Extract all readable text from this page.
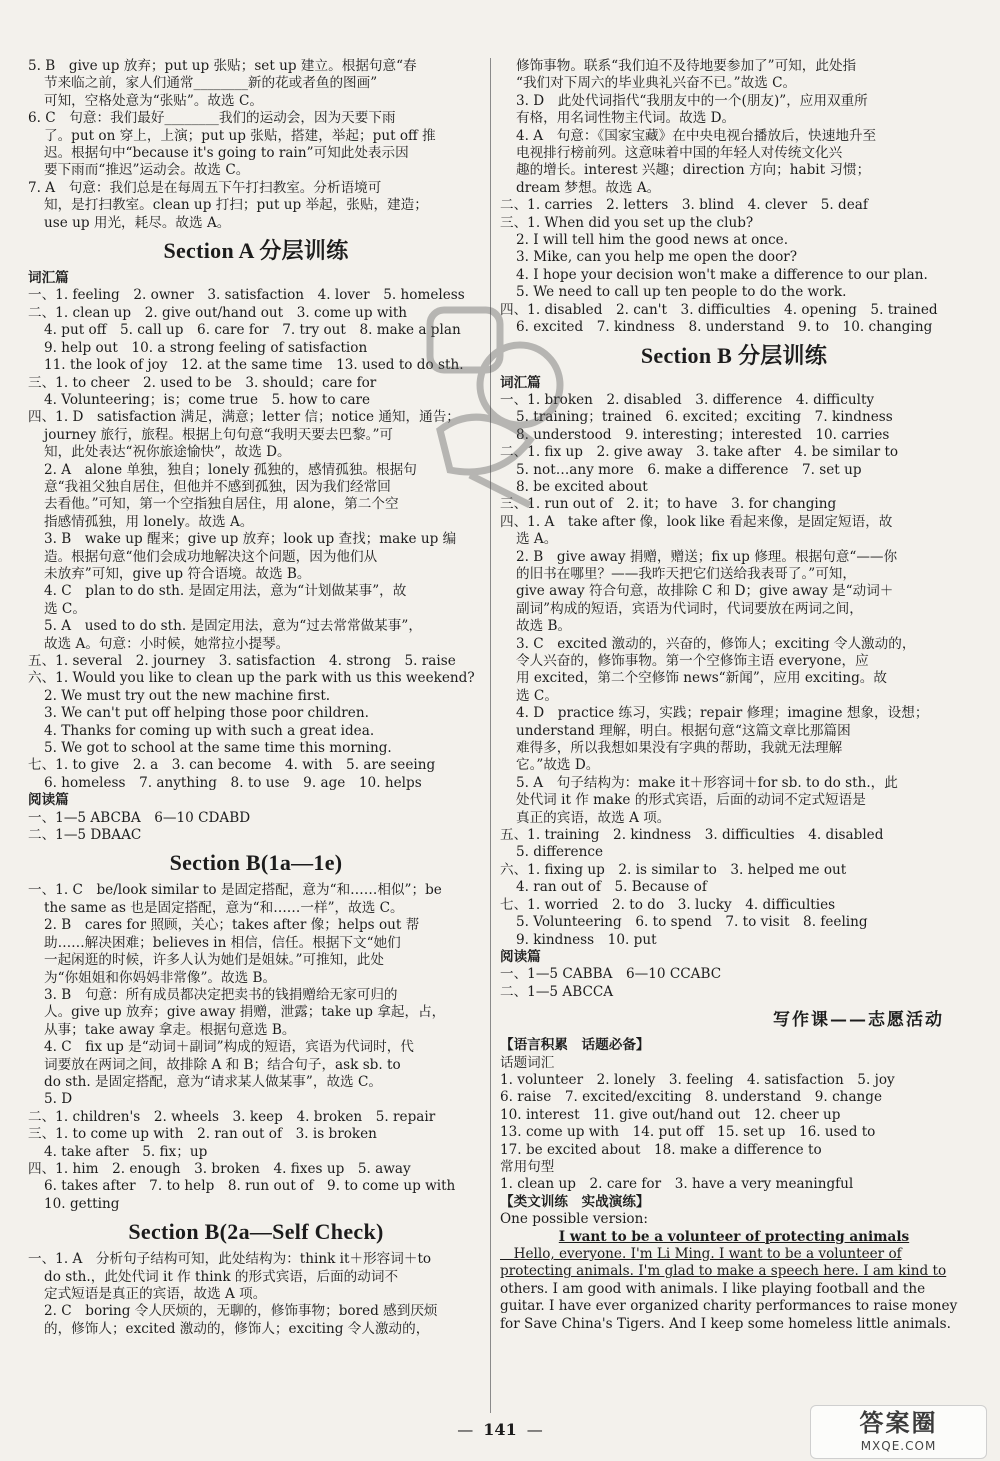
5. B　give up 放弃；put up 张贴；set up 建立。根据句意“春

节来临之前，家人们通常________新的花或者鱼的图画”

可知，空格处意为“张贴”。故选 C。

6. C　句意：我们最好________我们的运动会，因为天要下雨

了。put on 穿上，上演；put up 张贴，搭建，举起；put off 推

迟。根据句中“because it's going to rain”可知此处表示因

要下雨而“推迟”运动会。故选 C。

7. A　句意：我们总是在每周五下午打扫教室。分析语境可

知，是打扫教室。clean up 打扫；put up 举起，张贴，建造；

use up 用光，耗尽。故选 A。

Section A 分层训练

词汇篇

一、1. feeling　2. owner　3. satisfaction　4. lover　5. homeless

二、1. clean up　2. give out/hand out　3. come up with

4. put off　5. call up　6. care for　7. try out　8. make a plan

9. help out　10. a strong feeling of satisfaction

11. the look of joy　12. at the same time　13. used to do sth.

三、1. to cheer　2. used to be　3. should；care for

4. Volunteering；is；come true　5. how to care

四、1. D　satisfaction 满足，满意；letter 信；notice 通知，通告；

journey 旅行，旅程。根据上句句意“我明天要去巴黎。”可

知，此处表达“祝你旅途愉快”，故选 D。

2. A　alone 单独，独自；lonely 孤独的，感情孤独。根据句

意“我祖父独自居住，但他并不感到孤独，因为我们经常回

去看他。”可知，第一个空指独自居住，用 alone，第二个空

指感情孤独，用 lonely。故选 A。

3. B　wake up 醒来；give up 放弃；look up 查找；make up 编

造。根据句意“他们会成功地解决这个问题，因为他们从

未放弃”可知，give up 符合语境。故选 B。

4. C　plan to do sth. 是固定用法，意为“计划做某事”，故

选 C。

5. A　used to do sth. 是固定用法，意为“过去常常做某事”，

故选 A。句意：小时候，她常拉小提琴。

五、1. several　2. journey　3. satisfaction　4. strong　5. raise

六、1. Would you like to clean up the park with us this weekend?

2. We must try out the new machine first.

3. We can't put off helping those poor children.

4. Thanks for coming up with such a great idea.

5. We got to school at the same time this morning.

七、1. to give　2. a　3. can become　4. with　5. are seeing

6. homeless　7. anything　8. to use　9. age　10. helps

阅读篇

一、1—5 ABCBA　6—10 CDABD

二、1—5 DBAAC

Section B(1a—1e)

一、1. C　be/look similar to 是固定搭配，意为“和……相似”；be

the same as 也是固定搭配，意为“和……一样”，故选 C。

2. B　cares for 照顾，关心；takes after 像；helps out 帮

助……解决困难；believes in 相信，信任。根据下文“她们

一起闲逛的时候，许多人认为她们是姐妹。”可推知，此处

为“你姐姐和你妈妈非常像”。故选 B。

3. B　句意：所有成员都决定把卖书的钱捐赠给无家可归的

人。give up 放弃；give away 捐赠，泄露；take up 拿起，占，

从事；take away 拿走。根据句意选 B。

4. C　fix up 是“动词＋副词”构成的短语，宾语为代词时，代

词要放在两词之间，故排除 A 和 B；结合句子，ask sb. to

do sth. 是固定搭配，意为“请求某人做某事”，故选 C。

5. D

二、1. children's　2. wheels　3. keep　4. broken　5. repair

三、1. to come up with　2. ran out of　3. is broken

4. take after　5. fix；up

四、1. him　2. enough　3. broken　4. fixes up　5. away

6. takes after　7. to help　8. run out of　9. to come up with

10. getting

Section B(2a—Self Check)

一、1. A　分析句子结构可知，此处结构为：think it＋形容词＋to

do sth.，此处代词 it 作 think 的形式宾语，后面的动词不

定式短语是真正的宾语，故选 A 项。

2. C　boring 令人厌烦的，无聊的，修饰事物；bored 感到厌烦

的，修饰人；excited 激动的，修饰人；exciting 令人激动的，

修饰事物。联系“我们迫不及待地要参加了”可知，此处指

“我们对下周六的毕业典礼兴奋不已。”故选 C。

3. D　此处代词指代“我朋友中的一个(朋友)”，应用双重所

有格，用名词性物主代词。故选 D。

4. A　句意：《国家宝藏》在中央电视台播放后，快速地升至

电视排行榜前列。这意味着中国的年轻人对传统文化兴

趣的增长。interest 兴趣；direction 方向；habit 习惯；

dream 梦想。故选 A。

二、1. carries　2. letters　3. blind　4. clever　5. deaf

三、1. When did you set up the club?

2. I will tell him the good news at once.

3. Mike, can you help me open the door?

4. I hope your decision won't make a difference to our plan.

5. We need to call up ten people to do the work.

四、1. disabled　2. can't　3. difficulties　4. opening　5. trained

6. excited　7. kindness　8. understand　9. to　10. changing

Section B 分层训练

词汇篇

一、1. broken　2. disabled　3. difference　4. difficulty

5. training；trained　6. excited；exciting　7. kindness

8. understood　9. interesting；interested　10. carries

二、1. fix up　2. give away　3. take after　4. be similar to

5. not…any more　6. make a difference　7. set up

8. be excited about

三、1. run out of　2. it；to have　3. for changing

四、1. A　take after 像，look like 看起来像，是固定短语，故

选 A。

2. B　give away 捐赠，赠送；fix up 修理。根据句意“——你

的旧书在哪里？——我昨天把它们送给我表哥了。”可知，

give away 符合句意，故排除 C 和 D；give away 是“动词＋

副词”构成的短语，宾语为代词时，代词要放在两词之间，

故选 B。

3. C　excited 激动的，兴奋的，修饰人；exciting 令人激动的，

令人兴奋的，修饰事物。第一个空修饰主语 everyone，应

用 excited，第二个空修饰 news“新闻”，应用 exciting。故

选 C。

4. D　practice 练习，实践；repair 修理；imagine 想象，设想；

understand 理解，明白。根据句意“这篇文章比那篇困

难得多，所以我想如果没有字典的帮助，我就无法理解

它。”故选 D。

5. A　句子结构为：make it＋形容词＋for sb. to do sth.，此

处代词 it 作 make 的形式宾语，后面的动词不定式短语是

真正的宾语，故选 A 项。

五、1. training　2. kindness　3. difficulties　4. disabled

5. difference

六、1. fixing up　2. is similar to　3. helped me out

4. ran out of　5. Because of

七、1. worried　2. to do　3. lucky　4. difficulties

5. Volunteering　6. to spend　7. to visit　8. feeling

9. kindness　10. put

阅读篇

一、1—5 CABBA　6—10 CCABC

二、1—5 ABCCA

写作课——志愿活动

【语言积累　话题必备】

话题词汇

1. volunteer　2. lonely　3. feeling　4. satisfaction　5. joy

6. raise　7. excited/exciting　8. understand　9. change

10. interest　11. give out/hand out　12. cheer up

13. come up with　14. put off　15. set up　16. used to

17. be excited about　18. make a difference to

常用句型

1. clean up　2. care for　3. have a very meaningful

【类文训练　实战演练】

One possible version:

I want to be a volunteer of protecting animals

　Hello, everyone. I'm Li Ming. I want to be a volunteer of

protecting animals. I'm glad to make a speech here. I am kind to

others. I am good with animals. I like playing football and the

guitar. I have ever organized charity performances to raise money

for Save China's Tigers. And I keep some homeless little animals.

— 141 —	答案圈
MXQE.COM
